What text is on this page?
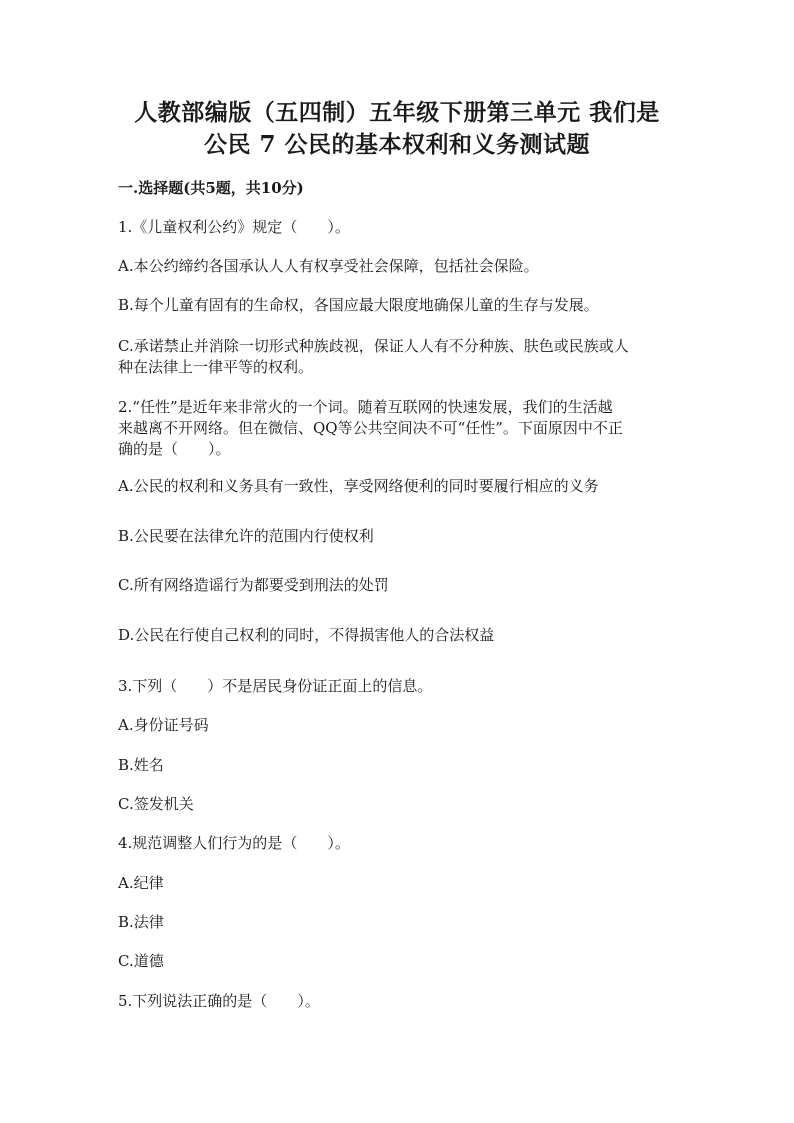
人教部编版（五四制）五年级下册第三单元 我们是
公民 7 公民的基本权利和义务测试题
一.选择题(共5题，共10分)
1.《儿童权利公约》规定（　　）。
A.本公约缔约各国承认人人有权享受社会保障，包括社会保险。
B.每个儿童有固有的生命权，各国应最大限度地确保儿童的生存与发展。
C.承诺禁止并消除一切形式种族歧视，保证人人有不分种族、肤色或民族或人
种在法律上一律平等的权利。
2.“任性”是近年来非常火的一个词。随着互联网的快速发展，我们的生活越
来越离不开网络。但在微信、QQ等公共空间决不可“任性”。下面原因中不正
确的是（　　）。
A.公民的权利和义务具有一致性，享受网络便利的同时要履行相应的义务
B.公民要在法律允许的范围内行使权利
C.所有网络造谣行为都要受到刑法的处罚
D.公民在行使自己权利的同时，不得损害他人的合法权益
3.下列（　　）不是居民身份证正面上的信息。
A.身份证号码
B.姓名
C.签发机关
4.规范调整人们行为的是（　　）。
A.纪律
B.法律
C.道德
5.下列说法正确的是（　　）。
